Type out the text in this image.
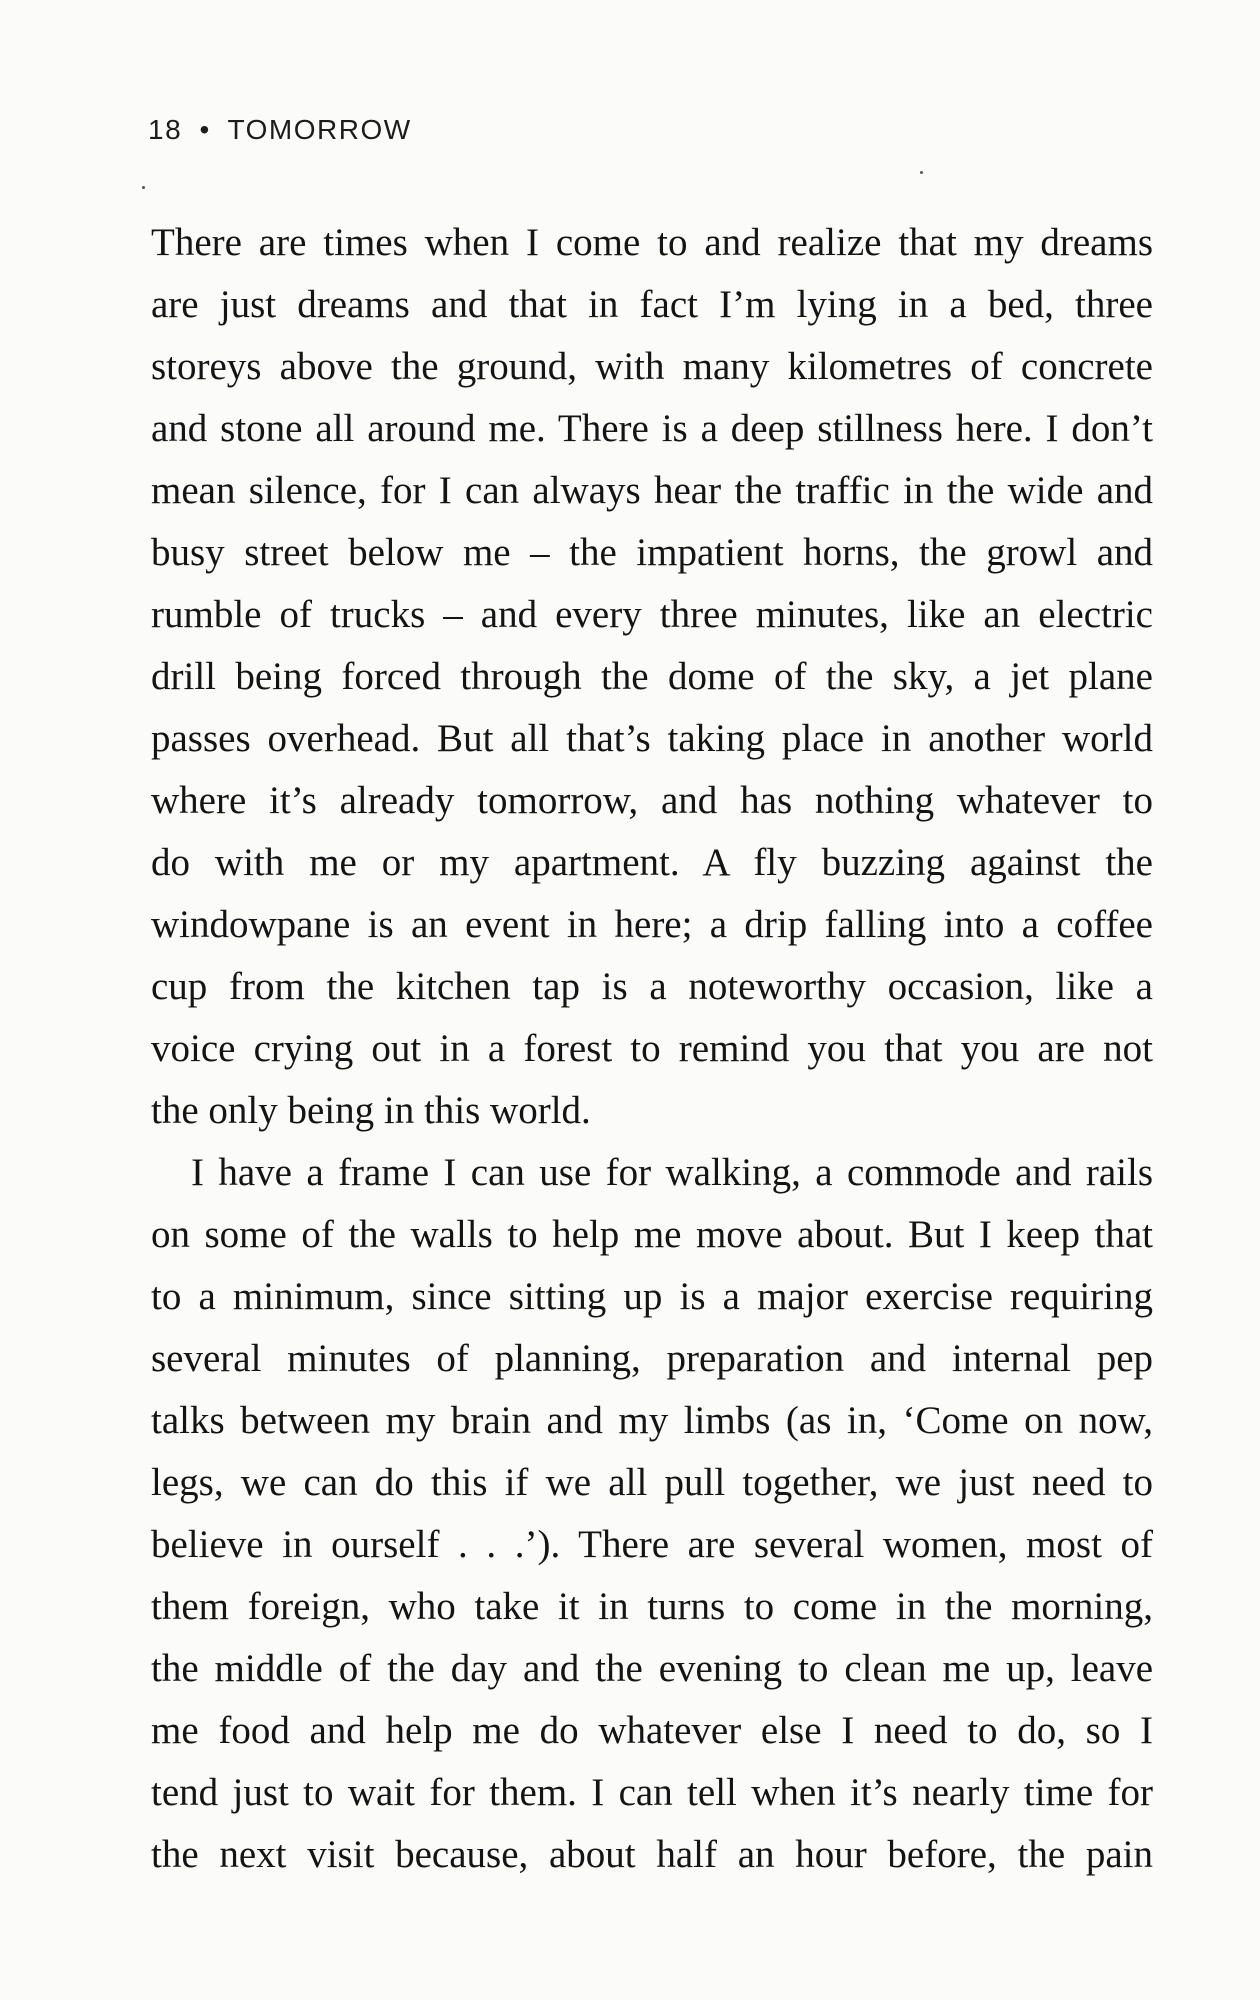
18 • TOMORROW
There are times when I come to and realize that my dreams
are just dreams and that in fact I’m lying in a bed, three
storeys above the ground, with many kilometres of concrete
and stone all around me. There is a deep stillness here. I don’t
mean silence, for I can always hear the traffic in the wide and
busy street below me – the impatient horns, the growl and
rumble of trucks – and every three minutes, like an electric
drill being forced through the dome of the sky, a jet plane
passes overhead. But all that’s taking place in another world
where it’s already tomorrow, and has nothing whatever to
do with me or my apartment. A fly buzzing against the
windowpane is an event in here; a drip falling into a coffee
cup from the kitchen tap is a noteworthy occasion, like a
voice crying out in a forest to remind you that you are not
the only being in this world.
I have a frame I can use for walking, a commode and rails
on some of the walls to help me move about. But I keep that
to a minimum, since sitting up is a major exercise requiring
several minutes of planning, preparation and internal pep
talks between my brain and my limbs (as in, ‘Come on now,
legs, we can do this if we all pull together, we just need to
believe in ourself . . .’). There are several women, most of
them foreign, who take it in turns to come in the morning,
the middle of the day and the evening to clean me up, leave
me food and help me do whatever else I need to do, so I
tend just to wait for them. I can tell when it’s nearly time for
the next visit because, about half an hour before, the pain
